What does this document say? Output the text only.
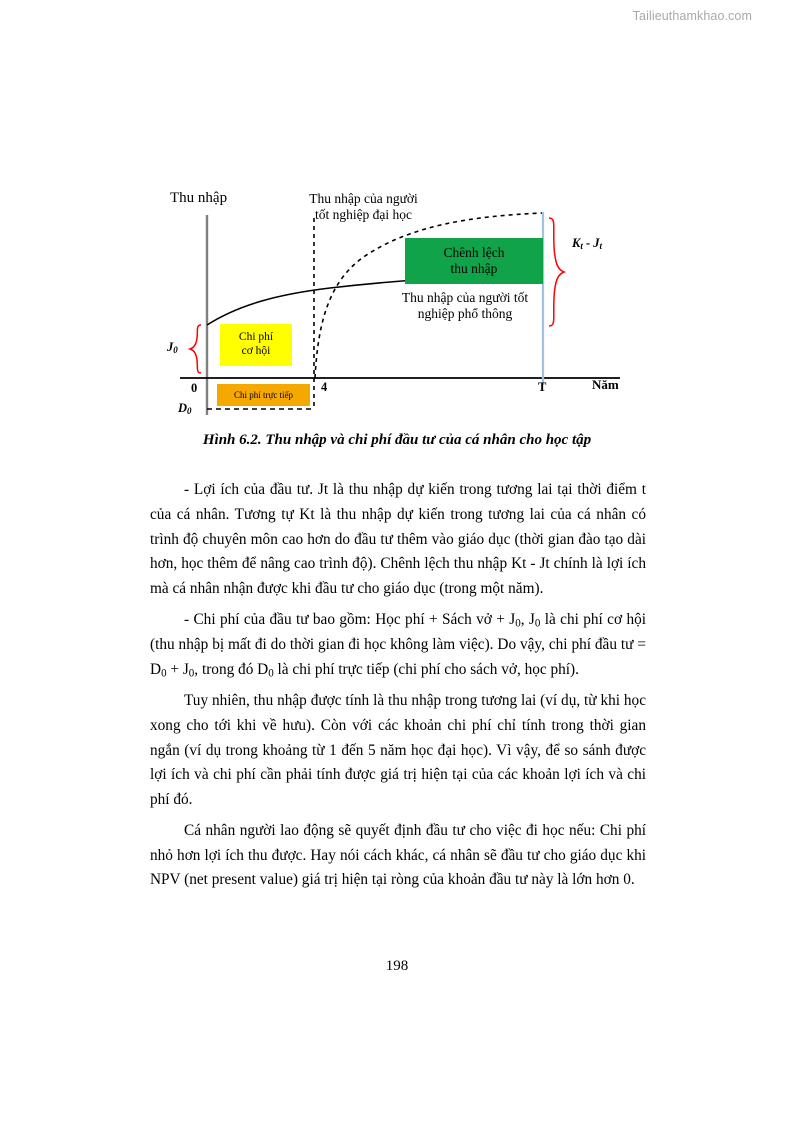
Tailieuthamkhao.com
Thu nhập	Thu nhập của người
tốt nghiệp đại học
Thu nhập của người tốt
nghiệp phổ thông
Chi phí
cơ hội
Chi phí trực tiếp
Chênh lệch
thu nhập
$J_0$
$D_0$
$K_t - J_t$
0	4	T	Năm
Hình 6.2. Thu nhập và chi phí đầu tư của cá nhân cho học tập

- Lợi ích của đầu tư. Jt là thu nhập dự kiến trong tương lai tại thời điểm t của cá nhân. Tương tự Kt là thu nhập dự kiến trong tương lai của cá nhân có trình độ chuyên môn cao hơn do đầu tư thêm vào giáo dục (thời gian đào tạo dài hơn, học thêm để nâng cao trình độ). Chênh lệch thu nhập Kt - Jt chính là lợi ích mà cá nhân nhận được khi đầu tư cho giáo dục (trong một năm).

- Chi phí của đầu tư bao gồm: Học phí + Sách vở + $J_0$, $J_0$ là chi phí cơ hội (thu nhập bị mất đi do thời gian đi học không làm việc). Do vậy, chi phí đầu tư = $D_0 + J_0$, trong đó $D_0$ là chi phí trực tiếp (chi phí cho sách vở, học phí).

Tuy nhiên, thu nhập được tính là thu nhập trong tương lai (ví dụ, từ khi học xong cho tới khi về hưu). Còn với các khoản chi phí chỉ tính trong thời gian ngắn (ví dụ trong khoảng từ 1 đến 5 năm học đại học). Vì vậy, để so sánh được lợi ích và chi phí cần phải tính được giá trị hiện tại của các khoản lợi ích và chi phí đó.

Cá nhân người lao động sẽ quyết định đầu tư cho việc đi học nếu: Chi phí nhỏ hơn lợi ích thu được. Hay nói cách khác, cá nhân sẽ đầu tư cho giáo dục khi NPV (net present value) giá trị hiện tại ròng của khoản đầu tư này là lớn hơn 0.

198
